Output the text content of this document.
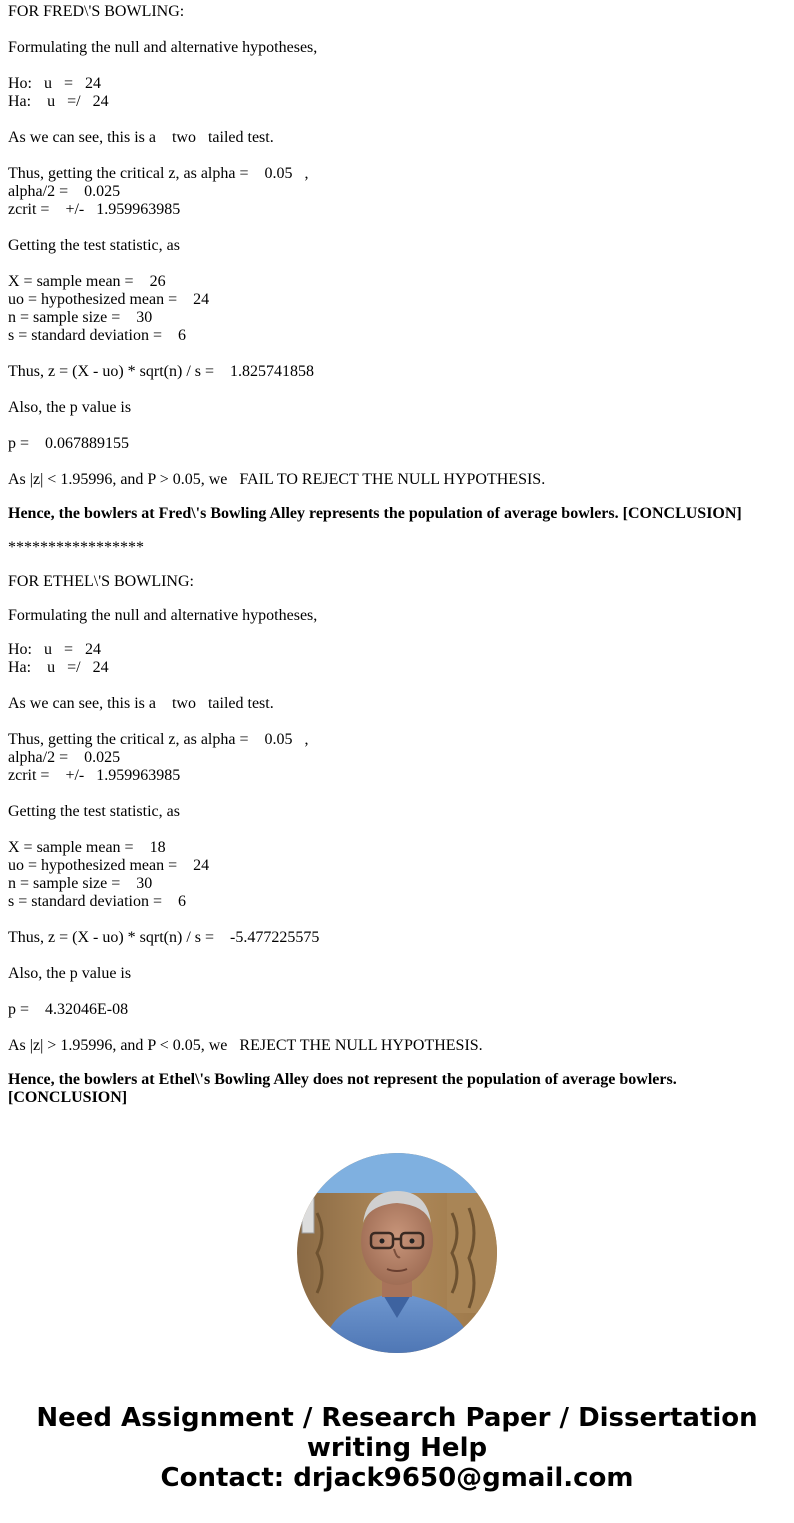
FOR FRED\'S BOWLING:
Formulating the null and alternative hypotheses,
Ho:   u   =   24
Ha:    u   =/   24
As we can see, this is a    two   tailed test.
Thus, getting the critical z, as alpha =    0.05   ,
alpha/2 =    0.025
zcrit =    +/-   1.959963985
Getting the test statistic, as
X = sample mean =    26
uo = hypothesized mean =    24
n = sample size =    30
s = standard deviation =    6
Thus, z = (X - uo) * sqrt(n) / s =    1.825741858
Also, the p value is
p =    0.067889155
As |z| < 1.95996, and P > 0.05, we   FAIL TO REJECT THE NULL HYPOTHESIS.

Hence, the bowlers at Fred\'s Bowling Alley represents the population of average bowlers. [CONCLUSION]

*****************
FOR ETHEL\'S BOWLING:
Formulating the null and alternative hypotheses,
Ho:   u   =   24
Ha:    u   =/   24
As we can see, this is a    two   tailed test.
Thus, getting the critical z, as alpha =    0.05   ,
alpha/2 =    0.025
zcrit =    +/-   1.959963985
Getting the test statistic, as
X = sample mean =    18
uo = hypothesized mean =    24
n = sample size =    30
s = standard deviation =    6
Thus, z = (X - uo) * sqrt(n) / s =    -5.477225575
Also, the p value is
p =    4.32046E-08
As |z| > 1.95996, and P < 0.05, we   REJECT THE NULL HYPOTHESIS.

Hence, the bowlers at Ethel\'s Bowling Alley does not represent the population of average bowlers. [CONCLUSION]

Need Assignment / Research Paper / Dissertation
writing Help
Contact: drjack9650@gmail.com
